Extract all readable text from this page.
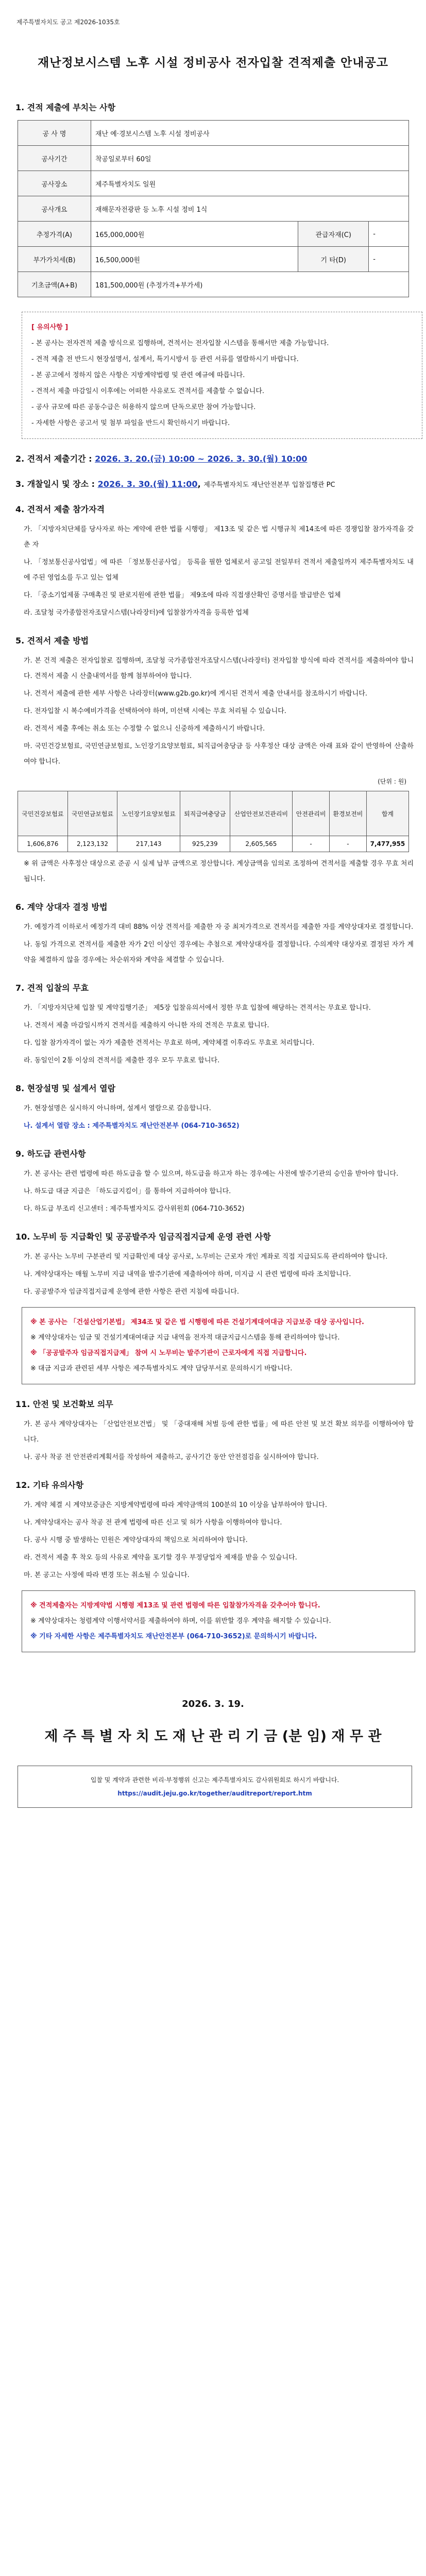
제주특별자치도 공고 제2026-1035호
재난정보시스템 노후 시설 정비공사 전자입찰 견적제출 안내공고
1. 견적 제출에 부치는 사항
공 사 명	재난 예·경보시스템 노후 시설 정비공사		
공사기간	착공일로부터 60일		
공사장소	제주특별자치도 일원		
공사개요	재해문자전광판 등 노후 시설 정비 1식		
추정가격(A)	165,000,000원	관급자재(C)	-
부가가치세(B)	16,500,000원	기 타(D)	-
기초금액(A+B)	181,500,000원 (추정가격+부가세)		
[ 유의사항 ]
- 본 공사는 전자견적 제출 방식으로 집행하며, 견적서는 전자입찰 시스템을 통해서만 제출 가능합니다.
- 견적 제출 전 반드시 현장설명서, 설계서, 특기시방서 등 관련 서류를 열람하시기 바랍니다.
- 본 공고에서 정하지 않은 사항은 지방계약법령 및 관련 예규에 따릅니다.
- 견적서 제출 마감일시 이후에는 어떠한 사유로도 견적서를 제출할 수 없습니다.
- 공사 규모에 따른 공동수급은 허용하지 않으며 단독으로만 참여 가능합니다.
- 자세한 사항은 공고서 및 첨부 파일을 반드시 확인하시기 바랍니다.
2. 견적서 제출기간 : 2026. 3. 20.(금) 10:00 ~ 2026. 3. 30.(월) 10:00
3. 개찰일시 및 장소 : 2026. 3. 30.(월) 11:00, 제주특별자치도 재난안전본부 입찰집행관 PC
4. 견적서 제출 참가자격
가. 「지방자치단체를 당사자로 하는 계약에 관한 법률 시행령」 제13조 및 같은 법 시행규칙 제14조에 따른 경쟁입찰 참가자격을 갖춘 자
나. 「정보통신공사업법」에 따른 「정보통신공사업」 등록을 필한 업체로서 공고일 전일부터 견적서 제출일까지 제주특별자치도 내에 주된 영업소를 두고 있는 업체
다. 「중소기업제품 구매촉진 및 판로지원에 관한 법률」 제9조에 따라 직접생산확인 증명서를 발급받은 업체
라. 조달청 국가종합전자조달시스템(나라장터)에 입찰참가자격을 등록한 업체
5. 견적서 제출 방법
가. 본 건적 제출은 전자입찰로 집행하며, 조달청 국가종합전자조달시스템(나라장터) 전자입찰 방식에 따라 견적서를 제출하여야 합니다. 견적서 제출 시 산출내역서를 함께 첨부하여야 합니다.
나. 견적서 제출에 관한 세부 사항은 나라장터(www.g2b.go.kr)에 게시된 견적서 제출 안내서를 참조하시기 바랍니다.
다. 전자입찰 시 복수예비가격을 선택하여야 하며, 미선택 시에는 무효 처리될 수 있습니다.
라. 견적서 제출 후에는 취소 또는 수정할 수 없으니 신중하게 제출하시기 바랍니다.
마. 국민건강보험료, 국민연금보험료, 노인장기요양보험료, 퇴직급여충당금 등 사후정산 대상 금액은 아래 표와 같이 반영하여 산출하여야 합니다.
(단위 : 원)
국민건강보험료	국민연금보험료	노인장기요양보험료	퇴직급여충당금	산업안전보건관리비	안전관리비	환경보전비	합계
1,606,876	2,123,132	217,143	925,239	2,605,565	-	-	7,477,955
※ 위 금액은 사후정산 대상으로 준공 시 실제 납부 금액으로 정산합니다. 계상금액을 임의로 조정하여 견적서를 제출할 경우 무효 처리됩니다.
6. 계약 상대자 결정 방법
가. 예정가격 이하로서 예정가격 대비 88% 이상 견적서를 제출한 자 중 최저가격으로 견적서를 제출한 자를 계약상대자로 결정합니다.
나. 동일 가격으로 견적서를 제출한 자가 2인 이상인 경우에는 추첨으로 계약상대자를 결정합니다. 수의계약 대상자로 결정된 자가 계약을 체결하지 않을 경우에는 차순위자와 계약을 체결할 수 있습니다.
7. 견적 입찰의 무효
가. 「지방자치단체 입찰 및 계약집행기준」 제5장 입찰유의서에서 정한 무효 입찰에 해당하는 견적서는 무효로 합니다.
나. 견적서 제출 마감일시까지 견적서를 제출하지 아니한 자의 견적은 무효로 합니다.
다. 입찰 참가자격이 없는 자가 제출한 견적서는 무효로 하며, 계약체결 이후라도 무효로 처리합니다.
라. 동일인이 2통 이상의 견적서를 제출한 경우 모두 무효로 합니다.
8. 현장설명 및 설계서 열람
가. 현장설명은 실시하지 아니하며, 설계서 열람으로 갈음합니다.
나. 설계서 열람 장소 : 제주특별자치도 재난안전본부 (064-710-3652)
9. 하도급 관련사항
가. 본 공사는 관련 법령에 따른 하도급을 할 수 있으며, 하도급을 하고자 하는 경우에는 사전에 발주기관의 승인을 받아야 합니다.
나. 하도급 대금 지급은 「하도급지킴이」를 통하여 지급하여야 합니다.
다. 하도급 부조리 신고센터 : 제주특별자치도 감사위원회 (064-710-3652)
10. 노무비 등 지급확인 및 공공발주자 임금직접지급제 운영 관련 사항
가. 본 공사는 노무비 구분관리 및 지급확인제 대상 공사로, 노무비는 근로자 개인 계좌로 직접 지급되도록 관리하여야 합니다.
나. 계약상대자는 매월 노무비 지급 내역을 발주기관에 제출하여야 하며, 미지급 시 관련 법령에 따라 조치합니다.
다. 공공발주자 임금직접지급제 운영에 관한 사항은 관련 지침에 따릅니다.
※ 본 공사는 「건설산업기본법」 제34조 및 같은 법 시행령에 따른 건설기계대여대금 지급보증 대상 공사입니다.
※ 계약상대자는 임금 및 건설기계대여대금 지급 내역을 전자적 대금지급시스템을 통해 관리하여야 합니다.
※ 「공공발주자 임금직접지급제」 참여 시 노무비는 발주기관이 근로자에게 직접 지급합니다.
※ 대금 지급과 관련된 세부 사항은 제주특별자치도 계약 담당부서로 문의하시기 바랍니다.
11. 안전 및 보건확보 의무
가. 본 공사 계약상대자는 「산업안전보건법」 및 「중대재해 처벌 등에 관한 법률」에 따른 안전 및 보건 확보 의무를 이행하여야 합니다.
나. 공사 착공 전 안전관리계획서를 작성하여 제출하고, 공사기간 동안 안전점검을 실시하여야 합니다.
12. 기타 유의사항
가. 계약 체결 시 계약보증금은 지방계약법령에 따라 계약금액의 100분의 10 이상을 납부하여야 합니다.
나. 계약상대자는 공사 착공 전 관계 법령에 따른 신고 및 허가 사항을 이행하여야 합니다.
다. 공사 시행 중 발생하는 민원은 계약상대자의 책임으로 처리하여야 합니다.
라. 견적서 제출 후 착오 등의 사유로 계약을 포기할 경우 부정당업자 제재를 받을 수 있습니다.
마. 본 공고는 사정에 따라 변경 또는 취소될 수 있습니다.
※ 견적제출자는 지방계약법 시행령 제13조 및 관련 법령에 따른 입찰참가자격을 갖추어야 합니다.
※ 계약상대자는 청렴계약 이행서약서를 제출하여야 하며, 이를 위반할 경우 계약을 해지할 수 있습니다.
※ 기타 자세한 사항은 제주특별자치도 재난안전본부 (064-710-3652)로 문의하시기 바랍니다.
2026. 3. 19.
제 주 특 별 자 치 도 재 난 관 리 기 금 (분 임) 재 무 관
입찰 및 계약과 관련한 비리·부정행위 신고는 제주특별자치도 감사위원회로 하시기 바랍니다.
https://audit.jeju.go.kr/together/auditreport/report.htm
